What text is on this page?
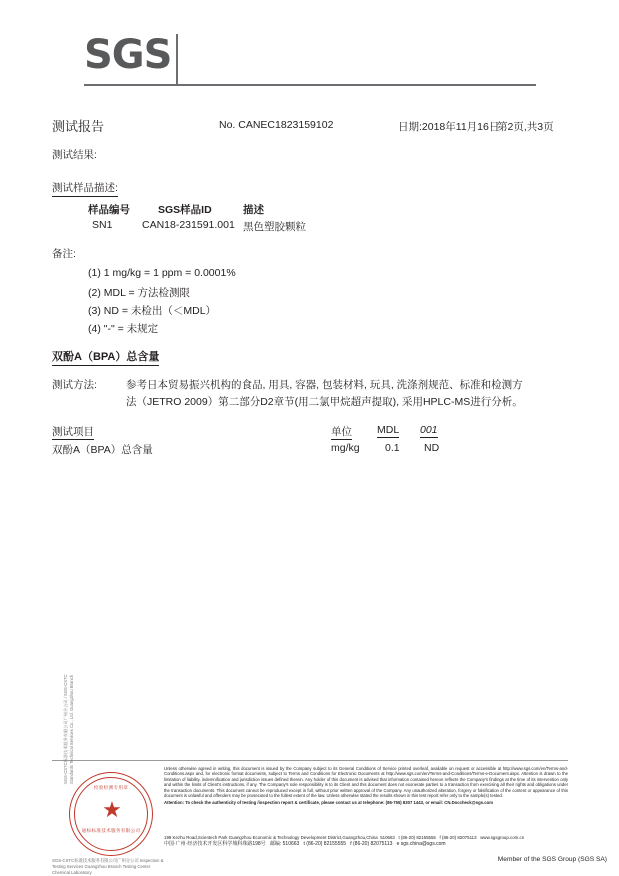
SGS
测试报告	No. CANEC1823159102	日期:2018年11月16日
第2页,共3页
测试结果:
测试样品描述:
样品编号	SGS样品ID	描述
SN1	CAN18-231591.001 黑色塑胶颗粒
备注:
(1) 1 mg/kg = 1 ppm = 0.0001%
(2) MDL = 方法检测限
(3) ND = 未检出（＜MDL）
(4) "-" = 未规定
双酚A（BPA）总含量
测试方法:	参考日本贸易振兴机构的食品, 用具, 容器, 包装材料, 玩具, 洗涤剂规范、标准和检测方
法（JETRO 2009）第二部分D2章节(用二氯甲烷超声提取), 采用HPLC-MS进行分析。
测试项目	单位 MDL 001
双酚A（BPA）总含量	mg/kg 0.1 ND
检验检测专用章
★
通标标准技术服务有限公司
SGS-CSTC标准技术服务有限公司广州分公司 / SGS-CSTC Standards Technical Services Co., Ltd. Guangzhou Branch
SGS-CSTC标准技术服务有限公司广州分公司 Inspection & Testing Services Guangzhou Branch Testing Center Chemical Laboratory
Unless otherwise agreed in writing, this document is issued by the Company subject to its General Conditions of Service printed overleaf, available on request or accessible at http://www.sgs.com/en/Terms-and-Conditions.aspx and, for electronic format documents, subject to Terms and Conditions for Electronic Documents at http://www.sgs.com/en/Terms-and-Conditions/Terms-e-Document.aspx. Attention is drawn to the limitation of liability, indemnification and jurisdiction issues defined therein. Any holder of this document is advised that information contained hereon reflects the Company's findings at the time of its intervention only and within the limits of Client's instructions, if any. The Company's sole responsibility is to its Client and this document does not exonerate parties to a transaction from exercising all their rights and obligations under the transaction documents. This document cannot be reproduced except in full, without prior written approval of the Company. Any unauthorized alteration, forgery or falsification of the content or appearance of this document is unlawful and offenders may be prosecuted to the fullest extent of the law. Unless otherwise stated the results shown in this test report refer only to the sample(s) tested.
Attention: To check the authenticity of testing /inspection report & certificate, please contact us at telephone: (86-755) 8307 1443, or email: CN.Doccheck@sgs.com
198 Kezhu Road,Scientech Park Guangzhou Economic & Technology Development District,Guangzhou,China 510663 t (86-20) 82155555 f (86-20) 82075113 www.sgsgroup.com.cn
中国·广州·经济技术开发区科学城科珠路198号 邮编: 510663 t (86-20) 82155555 f (86-20) 82075113 e sgs.china@sgs.com
Member of the SGS Group (SGS SA)
